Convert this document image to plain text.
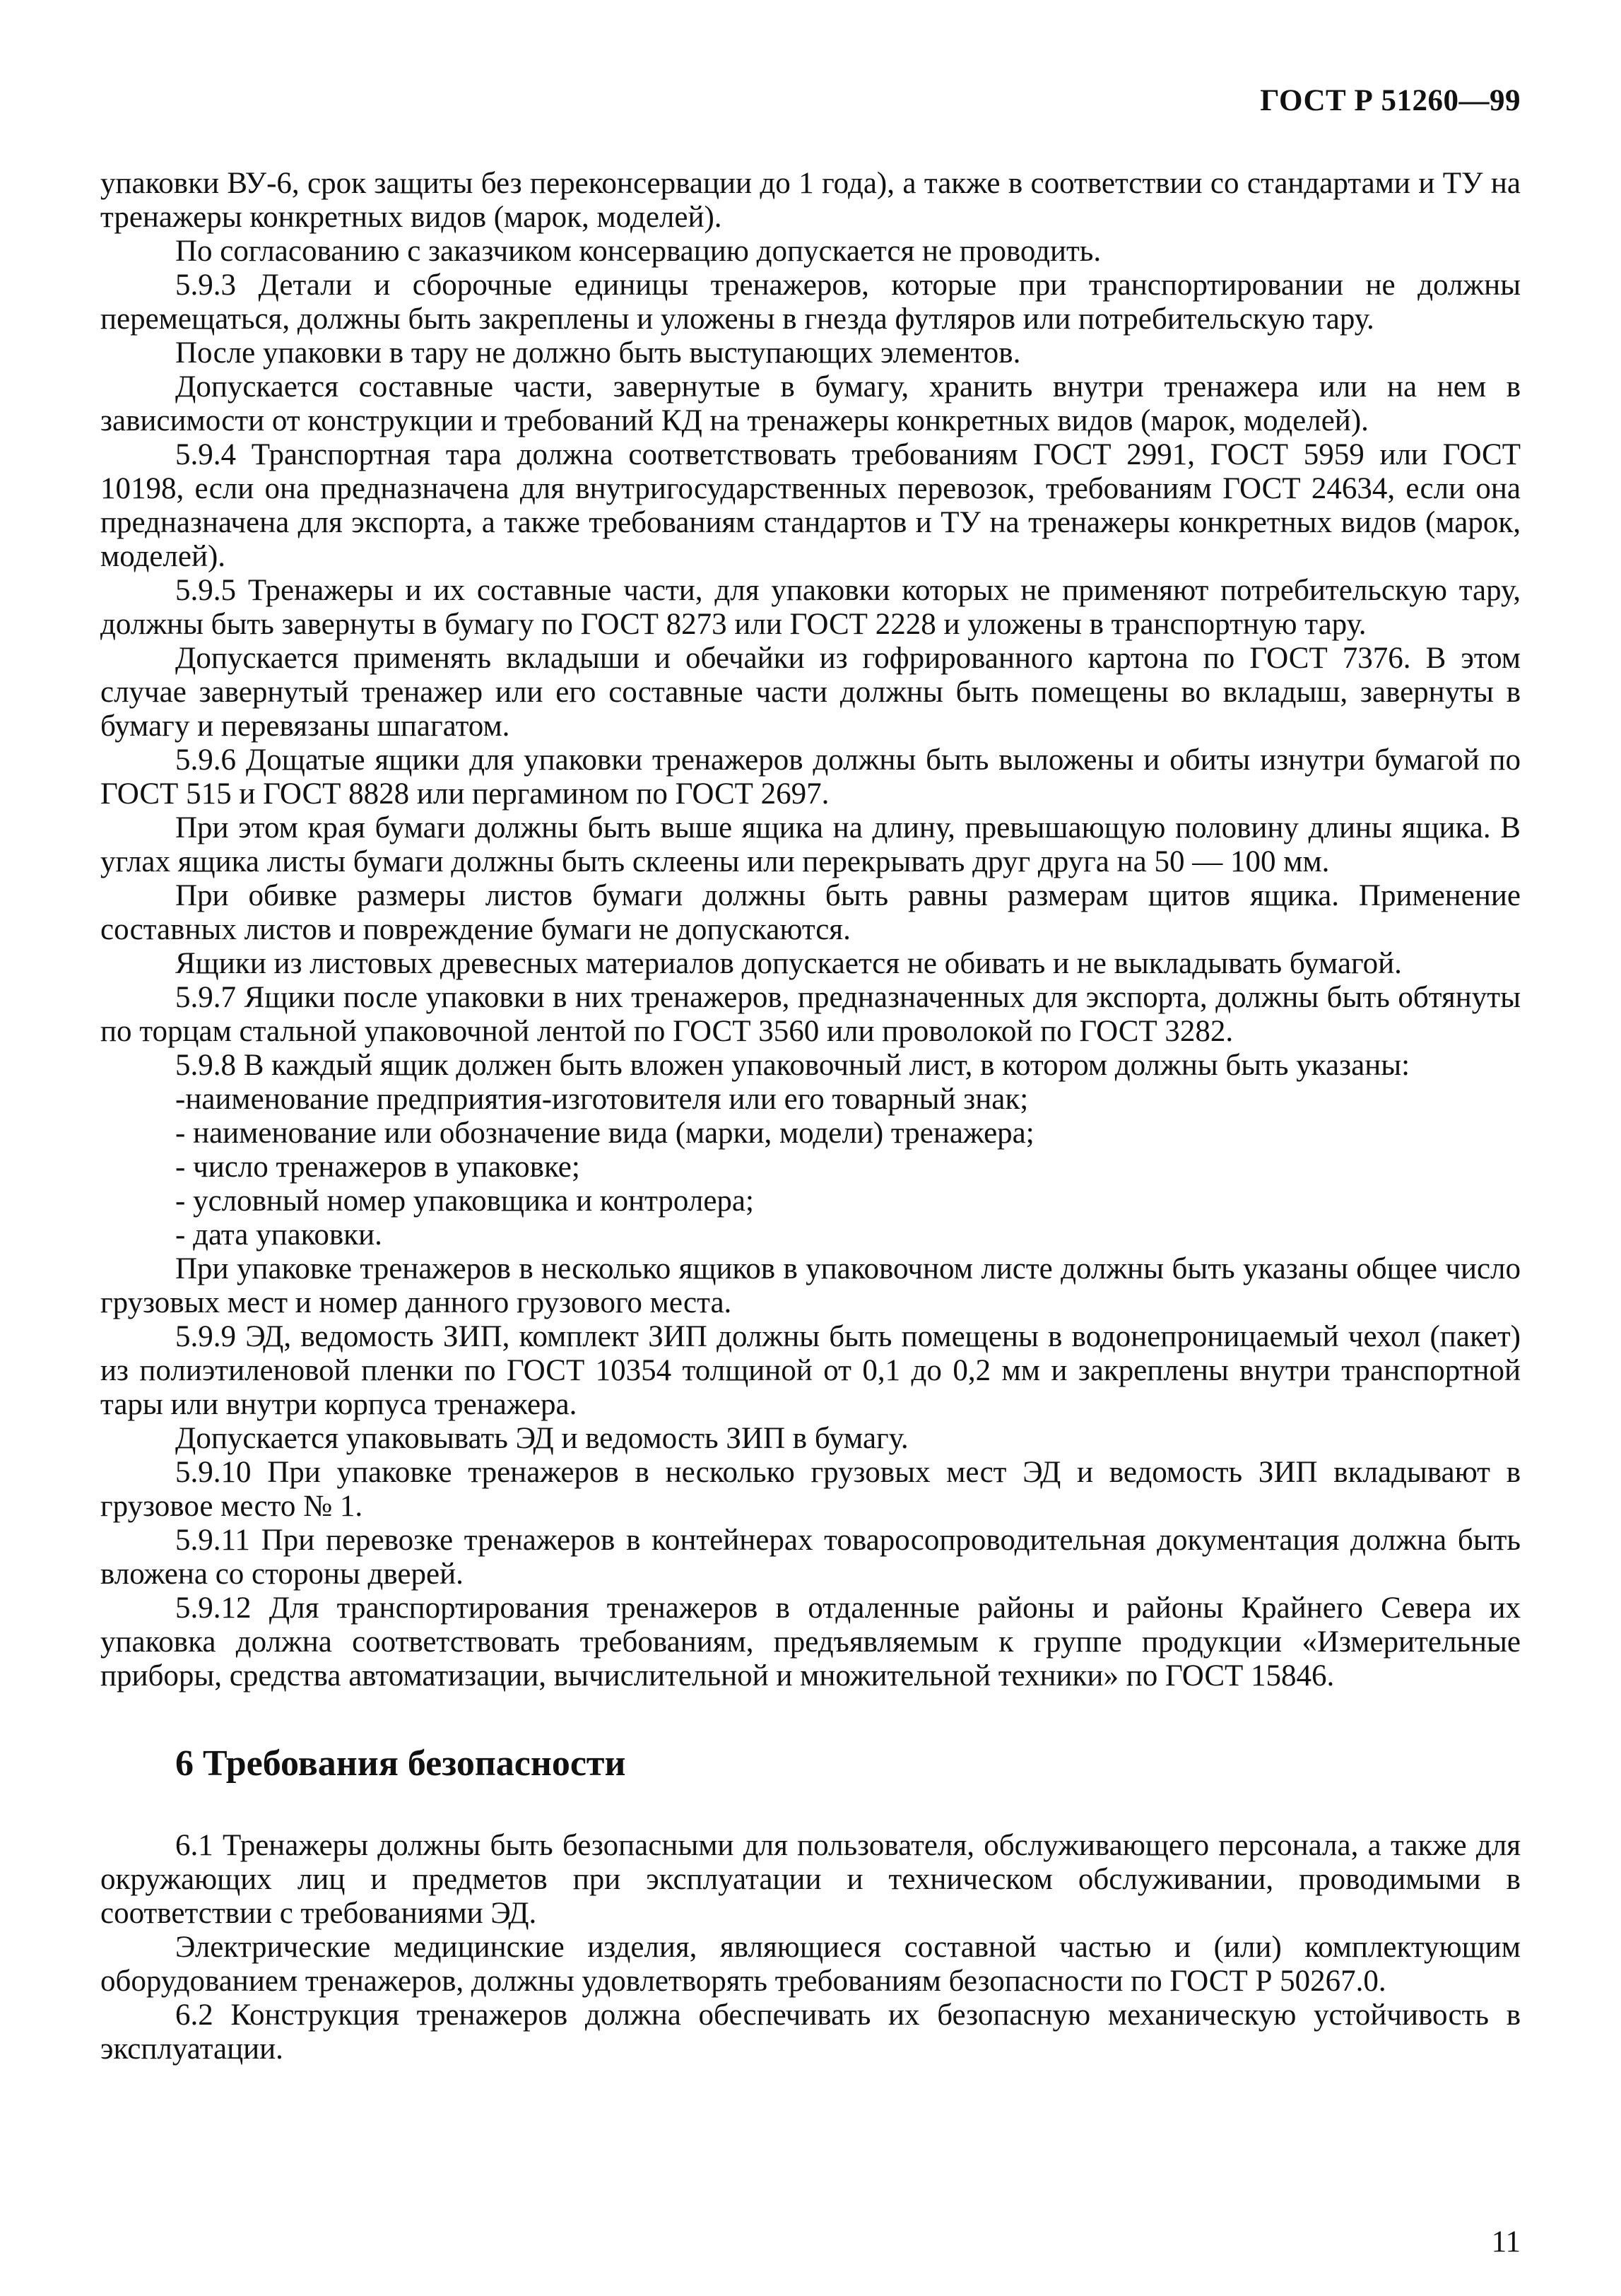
ГОСТ Р 51260—99

упаковки ВУ-6, срок защиты без переконсервации до 1 года), а также в соответствии со стандартами и ТУ на тренажеры конкретных видов (марок, моделей).

По согласованию с заказчиком консервацию допускается не проводить.

5.9.3 Детали и сборочные единицы тренажеров, которые при транспортировании не должны перемещаться, должны быть закреплены и уложены в гнезда футляров или потребительскую тару.

После упаковки в тару не должно быть выступающих элементов.

Допускается составные части, завернутые в бумагу, хранить внутри тренажера или на нем в зависимости от конструкции и требований КД на тренажеры конкретных видов (марок, моделей).

5.9.4 Транспортная тара должна соответствовать требованиям ГОСТ 2991, ГОСТ 5959 или ГОСТ 10198, если она предназначена для внутригосударственных перевозок, требованиям ГОСТ 24634, если она предназначена для экспорта, а также требованиям стандартов и ТУ на тренажеры конкретных видов (марок, моделей).

5.9.5 Тренажеры и их составные части, для упаковки которых не применяют потребительскую тару, должны быть завернуты в бумагу по ГОСТ 8273 или ГОСТ 2228 и уложены в транспортную тару.

Допускается применять вкладыши и обечайки из гофрированного картона по ГОСТ 7376. В этом случае завернутый тренажер или его составные части должны быть помещены во вкладыш, завернуты в бумагу и перевязаны шпагатом.

5.9.6 Дощатые ящики для упаковки тренажеров должны быть выложены и обиты изнутри бумагой по ГОСТ 515 и ГОСТ 8828 или пергамином по ГОСТ 2697.

При этом края бумаги должны быть выше ящика на длину, превышающую половину длины ящика. В углах ящика листы бумаги должны быть склеены или перекрывать друг друга на 50 — 100 мм.

При обивке размеры листов бумаги должны быть равны размерам щитов ящика. Применение составных листов и повреждение бумаги не допускаются.

Ящики из листовых древесных материалов допускается не обивать и не выкладывать бумагой.

5.9.7 Ящики после упаковки в них тренажеров, предназначенных для экспорта, должны быть обтянуты по торцам стальной упаковочной лентой по ГОСТ 3560 или проволокой по ГОСТ 3282.

5.9.8 В каждый ящик должен быть вложен упаковочный лист, в котором должны быть указаны:

-наименование предприятия-изготовителя или его товарный знак;

- наименование или обозначение вида (марки, модели) тренажера;

- число тренажеров в упаковке;

- условный номер упаковщика и контролера;

- дата упаковки.

При упаковке тренажеров в несколько ящиков в упаковочном листе должны быть указаны общее число грузовых мест и номер данного грузового места.

5.9.9 ЭД, ведомость ЗИП, комплект ЗИП должны быть помещены в водонепроницаемый чехол (пакет) из полиэтиленовой пленки по ГОСТ 10354 толщиной от 0,1 до 0,2 мм и закреплены внутри транспортной тары или внутри корпуса тренажера.

Допускается упаковывать ЭД и ведомость ЗИП в бумагу.

5.9.10 При упаковке тренажеров в несколько грузовых мест ЭД и ведомость ЗИП вкладывают в грузовое место № 1.

5.9.11 При перевозке тренажеров в контейнерах товаросопроводительная документация должна быть вложена со стороны дверей.

5.9.12 Для транспортирования тренажеров в отдаленные районы и районы Крайнего Севера их упаковка должна соответствовать требованиям, предъявляемым к группе продукции «Измерительные приборы, средства автоматизации, вычислительной и множительной техники» по ГОСТ 15846.

6 Требования безопасности

6.1 Тренажеры должны быть безопасными для пользователя, обслуживающего персонала, а также для окружающих лиц и предметов при эксплуатации и техническом обслуживании, проводимыми в соответствии с требованиями ЭД.

Электрические медицинские изделия, являющиеся составной частью и (или) комплектующим оборудованием тренажеров, должны удовлетворять требованиям безопасности по ГОСТ Р 50267.0.

6.2 Конструкция тренажеров должна обеспечивать их безопасную механическую устойчивость в эксплуатации.

11
